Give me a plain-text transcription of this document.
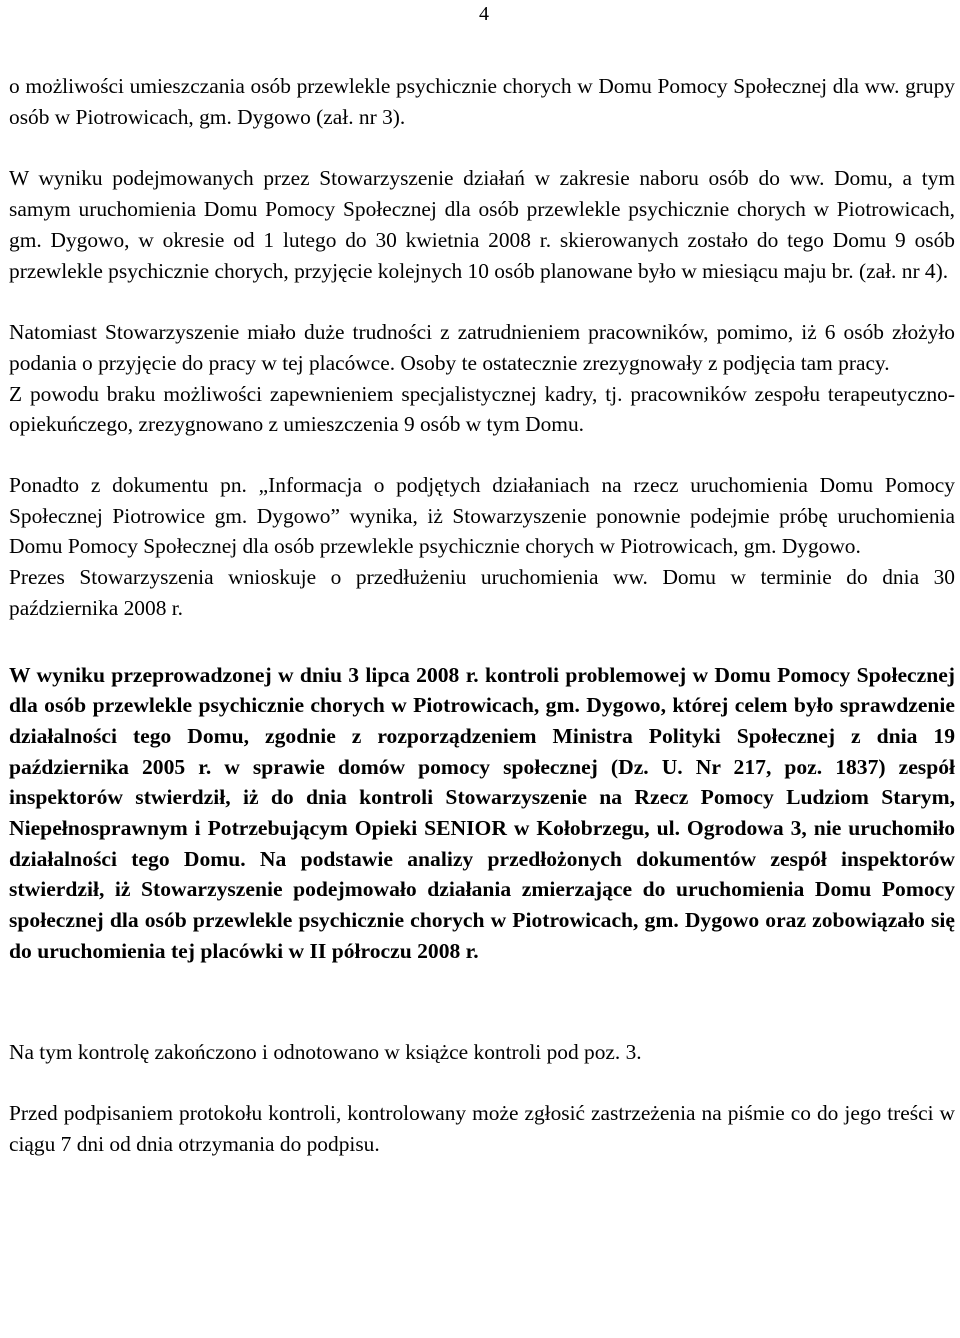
4

o możliwości umieszczania osób przewlekle psychicznie chorych w Domu Pomocy Społecznej dla ww. grupy osób w Piotrowicach, gm. Dygowo (zał. nr 3).

W wyniku podejmowanych przez Stowarzyszenie działań w zakresie naboru osób do ww. Domu, a tym samym uruchomienia Domu Pomocy Społecznej dla osób przewlekle psychicznie chorych w Piotrowicach, gm. Dygowo, w okresie od 1 lutego do 30 kwietnia 2008 r. skierowanych zostało do tego Domu 9 osób przewlekle psychicznie chorych, przyjęcie kolejnych 10 osób planowane było w miesiącu maju br. (zał. nr 4).

Natomiast Stowarzyszenie miało duże trudności z zatrudnieniem pracowników, pomimo, iż 6 osób złożyło podania o przyjęcie do pracy w tej placówce. Osoby te ostatecznie zrezygnowały z podjęcia tam pracy.

Z powodu braku możliwości zapewnieniem specjalistycznej kadry, tj. pracowników zespołu terapeutyczno-opiekuńczego, zrezygnowano z umieszczenia 9 osób w tym Domu.

Ponadto z dokumentu pn. „Informacja o podjętych działaniach na rzecz uruchomienia Domu Pomocy Społecznej Piotrowice gm. Dygowo” wynika, iż Stowarzyszenie ponownie podejmie próbę uruchomienia Domu Pomocy Społecznej dla osób przewlekle psychicznie chorych w Piotrowicach, gm. Dygowo.

Prezes Stowarzyszenia wnioskuje o przedłużeniu uruchomienia ww. Domu w terminie do dnia 30 października 2008 r.

W wyniku przeprowadzonej w dniu 3 lipca 2008 r. kontroli problemowej w Domu Pomocy Społecznej dla osób przewlekle psychicznie chorych w Piotrowicach, gm. Dygowo, której celem było sprawdzenie działalności tego Domu, zgodnie z rozporządzeniem Ministra Polityki Społecznej z dnia 19 października 2005 r. w sprawie domów pomocy społecznej (Dz. U. Nr 217, poz. 1837) zespół inspektorów stwierdził, iż do dnia kontroli Stowarzyszenie na Rzecz Pomocy Ludziom Starym, Niepełnosprawnym i Potrzebującym Opieki SENIOR w Kołobrzegu, ul. Ogrodowa 3, nie uruchomiło działalności tego Domu. Na podstawie analizy przedłożonych dokumentów zespół inspektorów stwierdził, iż Stowarzyszenie podejmowało działania zmierzające do uruchomienia Domu Pomocy społecznej dla osób przewlekle psychicznie chorych w Piotrowicach, gm. Dygowo oraz zobowiązało się do uruchomienia tej placówki w II półroczu 2008 r.

Na tym kontrolę zakończono i odnotowano w książce kontroli pod poz. 3.

Przed podpisaniem protokołu kontroli, kontrolowany może zgłosić zastrzeżenia na piśmie co do jego treści w ciągu 7 dni od dnia otrzymania do podpisu.
